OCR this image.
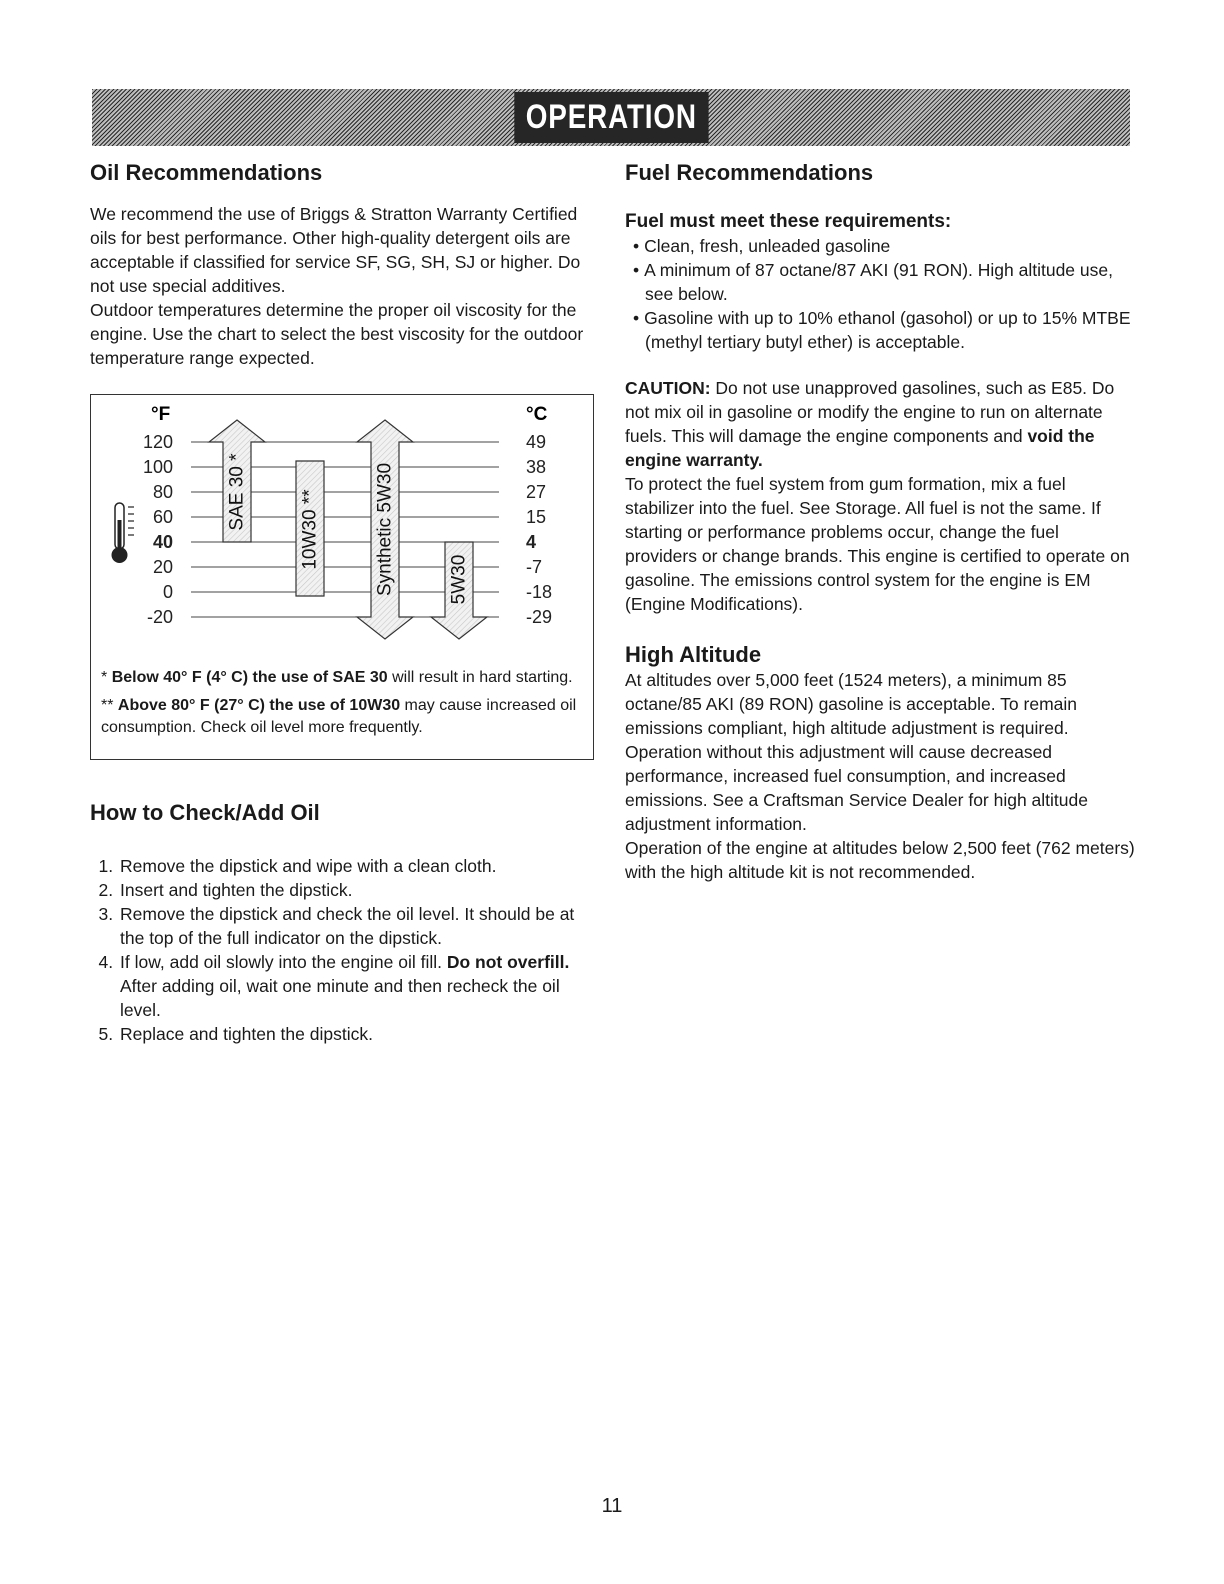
OPERATION
Oil Recommendations

We recommend the use of Briggs & Stratton Warranty Certified oils for best performance. Other high-quality detergent oils are acceptable if classified for service SF, SG, SH, SJ or higher. Do not use special additives.

Outdoor temperatures determine the proper oil viscosity for the engine. Use the chart to select the best viscosity for the outdoor temperature range expected.

°F	°C
120	49
100	38
80	27
60	15
40	4
20	-7
0	-18
-20	-29
SAE 30 *	10W30 **	Synthetic 5W30	5W30
* Below 40° F (4° C) the use of SAE 30 will result in hard starting.
** Above 80° F (27° C) the use of 10W30 may cause increased oil consumption. Check oil level more frequently.
How to Check/Add Oil
1. Remove the dipstick and wipe with a clean cloth.
2. Insert and tighten the dipstick.
3. Remove the dipstick and check the oil level. It should be at the top of the full indicator on the dipstick.
4. If low, add oil slowly into the engine oil fill. Do not overfill. After adding oil, wait one minute and then recheck the oil level.
5. Replace and tighten the dipstick.
Fuel Recommendations
Fuel must meet these requirements:
• Clean, fresh, unleaded gasoline
• A minimum of 87 octane/87 AKI (91 RON). High altitude use, see below.
• Gasoline with up to 10% ethanol (gasohol) or up to 15% MTBE (methyl tertiary butyl ether) is acceptable.

CAUTION: Do not use unapproved gasolines, such as E85. Do not mix oil in gasoline or modify the engine to run on alternate fuels. This will damage the engine components and void the engine warranty.

To protect the fuel system from gum formation, mix a fuel stabilizer into the fuel. See Storage. All fuel is not the same. If starting or performance problems occur, change the fuel providers or change brands. This engine is certified to operate on gasoline. The emissions control system for the engine is EM (Engine Modifications).

High Altitude

At altitudes over 5,000 feet (1524 meters), a minimum 85 octane/85 AKI (89 RON) gasoline is acceptable. To remain emissions compliant, high altitude adjustment is required. Operation without this adjustment will cause decreased performance, increased fuel consumption, and increased emissions. See a Craftsman Service Dealer for high altitude adjustment information.

Operation of the engine at altitudes below 2,500 feet (762 meters) with the high altitude kit is not recommended.

11
